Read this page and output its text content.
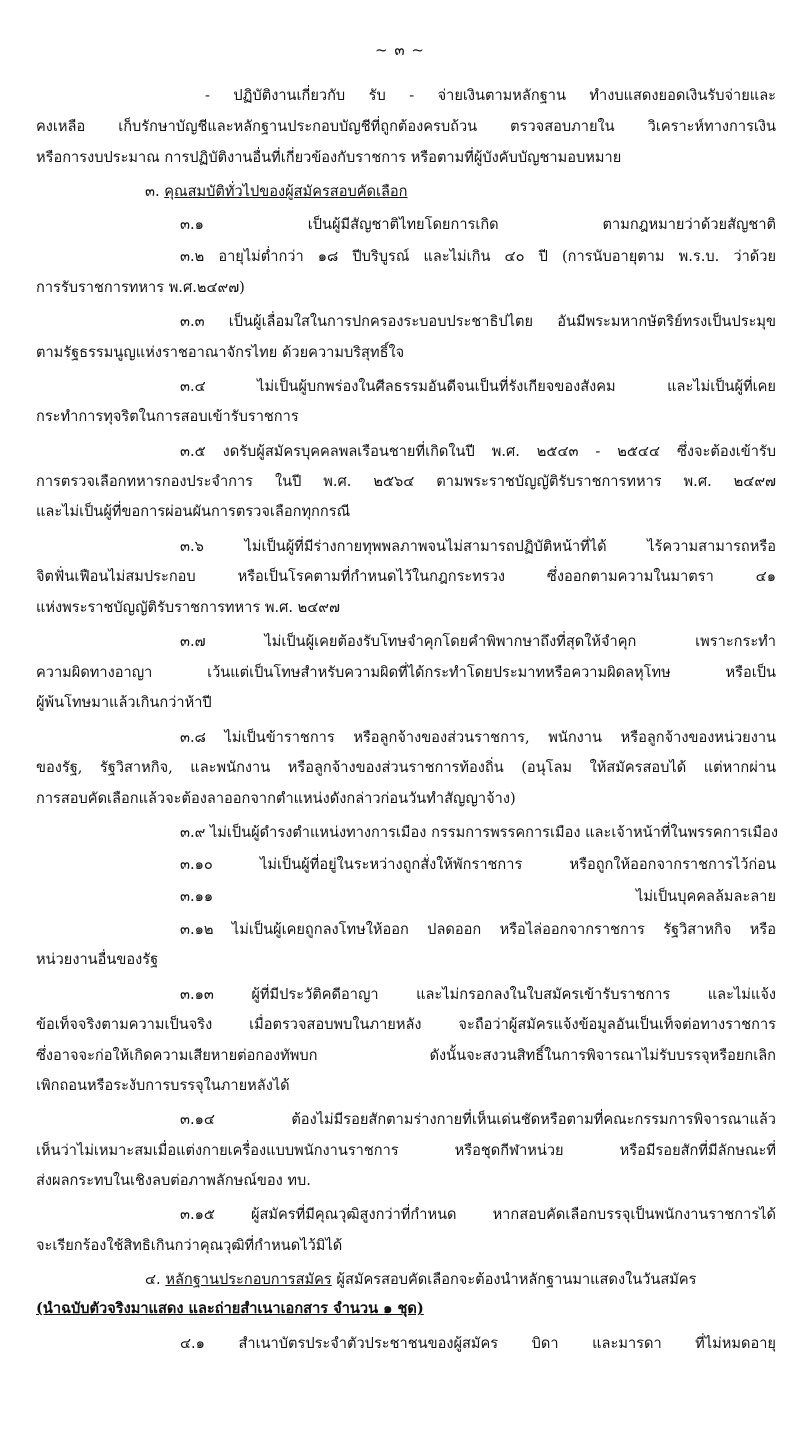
~ ๓ ~
- ปฏิบัติงานเกี่ยวกับ รับ - จ่ายเงินตามหลักฐาน ทำงบแสดงยอดเงินรับจ่ายและ
คงเหลือ เก็บรักษาบัญชีและหลักฐานประกอบบัญชีที่ถูกต้องครบถ้วน ตรวจสอบภายใน วิเคราะห์ทางการเงิน
หรือการงบประมาณ การปฏิบัติงานอื่นที่เกี่ยวข้องกับราชการ หรือตามที่ผู้บังคับบัญชามอบหมาย
๓. คุณสมบัติทั่วไปของผู้สมัครสอบคัดเลือก
๓.๑ เป็นผู้มีสัญชาติไทยโดยการเกิด ตามกฎหมายว่าด้วยสัญชาติ
๓.๒ อายุไม่ต่ำกว่า ๑๘ ปีบริบูรณ์ และไม่เกิน ๔๐ ปี (การนับอายุตาม พ.ร.บ. ว่าด้วย
การรับราชการทหาร พ.ศ.๒๔๙๗)
๓.๓ เป็นผู้เลื่อมใสในการปกครองระบอบประชาธิปไตย อันมีพระมหากษัตริย์ทรงเป็นประมุข
ตามรัฐธรรมนูญแห่งราชอาณาจักรไทย ด้วยความบริสุทธิ์ใจ
๓.๔ ไม่เป็นผู้บกพร่องในศีลธรรมอันดีจนเป็นที่รังเกียจของสังคม และไม่เป็นผู้ที่เคย
กระทำการทุจริตในการสอบเข้ารับราชการ
๓.๕ งดรับผู้สมัครบุคคลพลเรือนชายที่เกิดในปี พ.ศ. ๒๕๔๓ - ๒๕๔๔ ซึ่งจะต้องเข้ารับ
การตรวจเลือกทหารกองประจำการ ในปี พ.ศ. ๒๕๖๔ ตามพระราชบัญญัติรับราชการทหาร พ.ศ. ๒๔๙๗
และไม่เป็นผู้ที่ขอการผ่อนผันการตรวจเลือกทุกกรณี
๓.๖ ไม่เป็นผู้ที่มีร่างกายทุพพลภาพจนไม่สามารถปฏิบัติหน้าที่ได้ ไร้ความสามารถหรือ
จิตฟั่นเฟือนไม่สมประกอบ หรือเป็นโรคตามที่กำหนดไว้ในกฎกระทรวง ซึ่งออกตามความในมาตรา ๔๑
แห่งพระราชบัญญัติรับราชการทหาร พ.ศ. ๒๔๙๗
๓.๗ ไม่เป็นผู้เคยต้องรับโทษจำคุกโดยคำพิพากษาถึงที่สุดให้จำคุก เพราะกระทำ
ความผิดทางอาญา เว้นแต่เป็นโทษสำหรับความผิดที่ได้กระทำโดยประมาทหรือความผิดลหุโทษ หรือเป็น
ผู้พ้นโทษมาแล้วเกินกว่าห้าปี
๓.๘ ไม่เป็นข้าราชการ หรือลูกจ้างของส่วนราชการ, พนักงาน หรือลูกจ้างของหน่วยงาน
ของรัฐ, รัฐวิสาหกิจ, และพนักงาน หรือลูกจ้างของส่วนราชการท้องถิ่น (อนุโลม ให้สมัครสอบได้ แต่หากผ่าน
การสอบคัดเลือกแล้วจะต้องลาออกจากตำแหน่งดังกล่าวก่อนวันทำสัญญาจ้าง)
๓.๙ ไม่เป็นผู้ดำรงตำแหน่งทางการเมือง กรรมการพรรคการเมือง และเจ้าหน้าที่ในพรรคการเมือง
๓.๑๐ ไม่เป็นผู้ที่อยู่ในระหว่างถูกสั่งให้พักราชการ หรือถูกให้ออกจากราชการไว้ก่อน
๓.๑๑ ไม่เป็นบุคคลล้มละลาย
๓.๑๒ ไม่เป็นผู้เคยถูกลงโทษให้ออก ปลดออก หรือไล่ออกจากราชการ รัฐวิสาหกิจ หรือ
หน่วยงานอื่นของรัฐ
๓.๑๓ ผู้ที่มีประวัติคดีอาญา และไม่กรอกลงในใบสมัครเข้ารับราชการ และไม่แจ้ง
ข้อเท็จจริงตามความเป็นจริง เมื่อตรวจสอบพบในภายหลัง จะถือว่าผู้สมัครแจ้งข้อมูลอันเป็นเท็จต่อทางราชการ
ซึ่งอาจจะก่อให้เกิดความเสียหายต่อกองทัพบก ดังนั้นจะสงวนสิทธิ์ในการพิจารณาไม่รับบรรจุหรือยกเลิก
เพิกถอนหรือระงับการบรรจุในภายหลังได้
๓.๑๔ ต้องไม่มีรอยสักตามร่างกายที่เห็นเด่นชัดหรือตามที่คณะกรรมการพิจารณาแล้ว
เห็นว่าไม่เหมาะสมเมื่อแต่งกายเครื่องแบบพนักงานราชการ หรือชุดกีฬาหน่วย หรือมีรอยสักที่มีลักษณะที่
ส่งผลกระทบในเชิงลบต่อภาพลักษณ์ของ ทบ.
๓.๑๕ ผู้สมัครที่มีคุณวุฒิสูงกว่าที่กำหนด หากสอบคัดเลือกบรรจุเป็นพนักงานราชการได้
จะเรียกร้องใช้สิทธิเกินกว่าคุณวุฒิที่กำหนดไว้มิได้
๔. หลักฐานประกอบการสมัคร ผู้สมัครสอบคัดเลือกจะต้องนำหลักฐานมาแสดงในวันสมัคร
(นำฉบับตัวจริงมาแสดง และถ่ายสำเนาเอกสาร จำนวน ๑ ชุด)
๔.๑ สำเนาบัตรประจำตัวประชาชนของผู้สมัคร บิดา และมารดา ที่ไม่หมดอายุ
